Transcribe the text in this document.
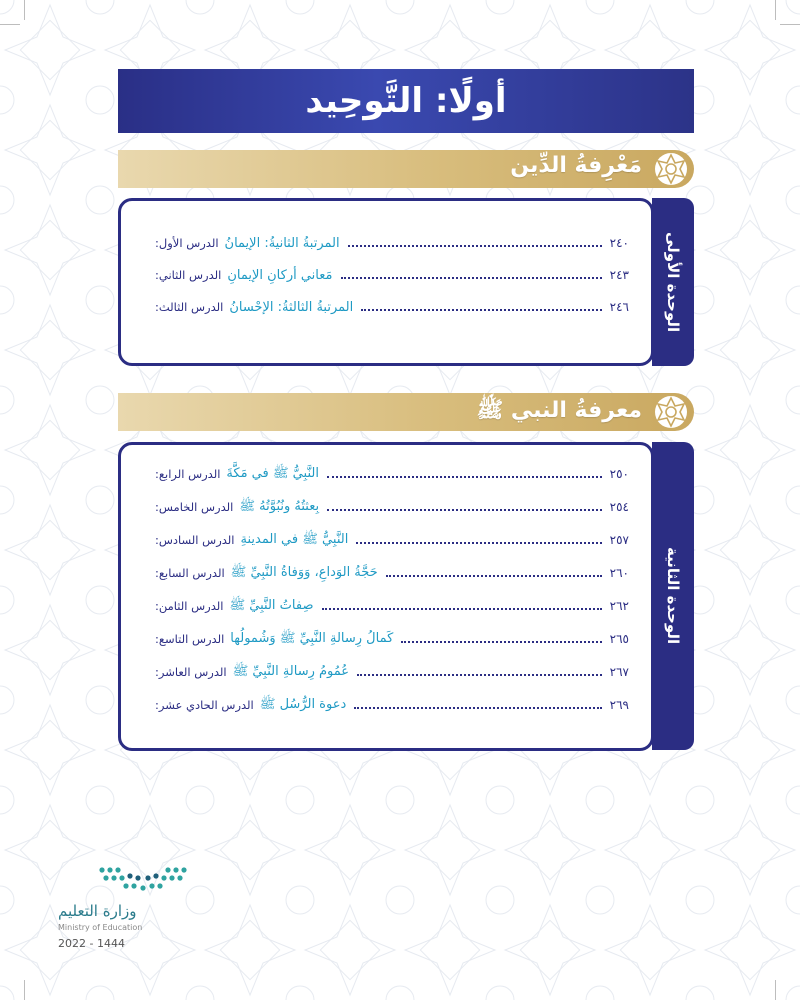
أولًا: التَّوحِيد
مَعْرِفةُ الدِّين
الدرس الأول: المرتبةُ الثانيةُ: الإيمانُ	٢٤٠
الدرس الثاني: مَعاني أركانِ الإيمانِ	٢٤٣
الدرس الثالث: المرتبةُ الثالثةُ: الإحْسانُ	٢٤٦ الوحدة الأولى
معرفةُ النبي ﷺ
الدرس الرابع: النَّبِيُّ ﷺ في مَكَّةَ	٢٥٠
الدرس الخامس: بِعثتُهُ ونُبُوَّتُهُ ﷺ	٢٥٤
الدرس السادس: النَّبِيُّ ﷺ في المدينةِ	٢٥٧
الدرس السابع: حَجَّةُ الوَداعِ، وَوَفاةُ النَّبِيِّ ﷺ	٢٦٠
الدرس الثامن: صِفاتُ النَّبِيِّ ﷺ	٢٦٢
الدرس التاسع: كَمالُ رِسالةِ النَّبِيِّ ﷺ وَشُمولُها	٢٦٥
الدرس العاشر: عُمُومُ رِسالةِ النَّبِيِّ ﷺ	٢٦٧
الدرس الحادي عشر: دعوة الرُّسُل ﷺ	٢٦٩
الوحدة الثانية
وزارة التعليم
Ministry of Education
2022 - 1444
